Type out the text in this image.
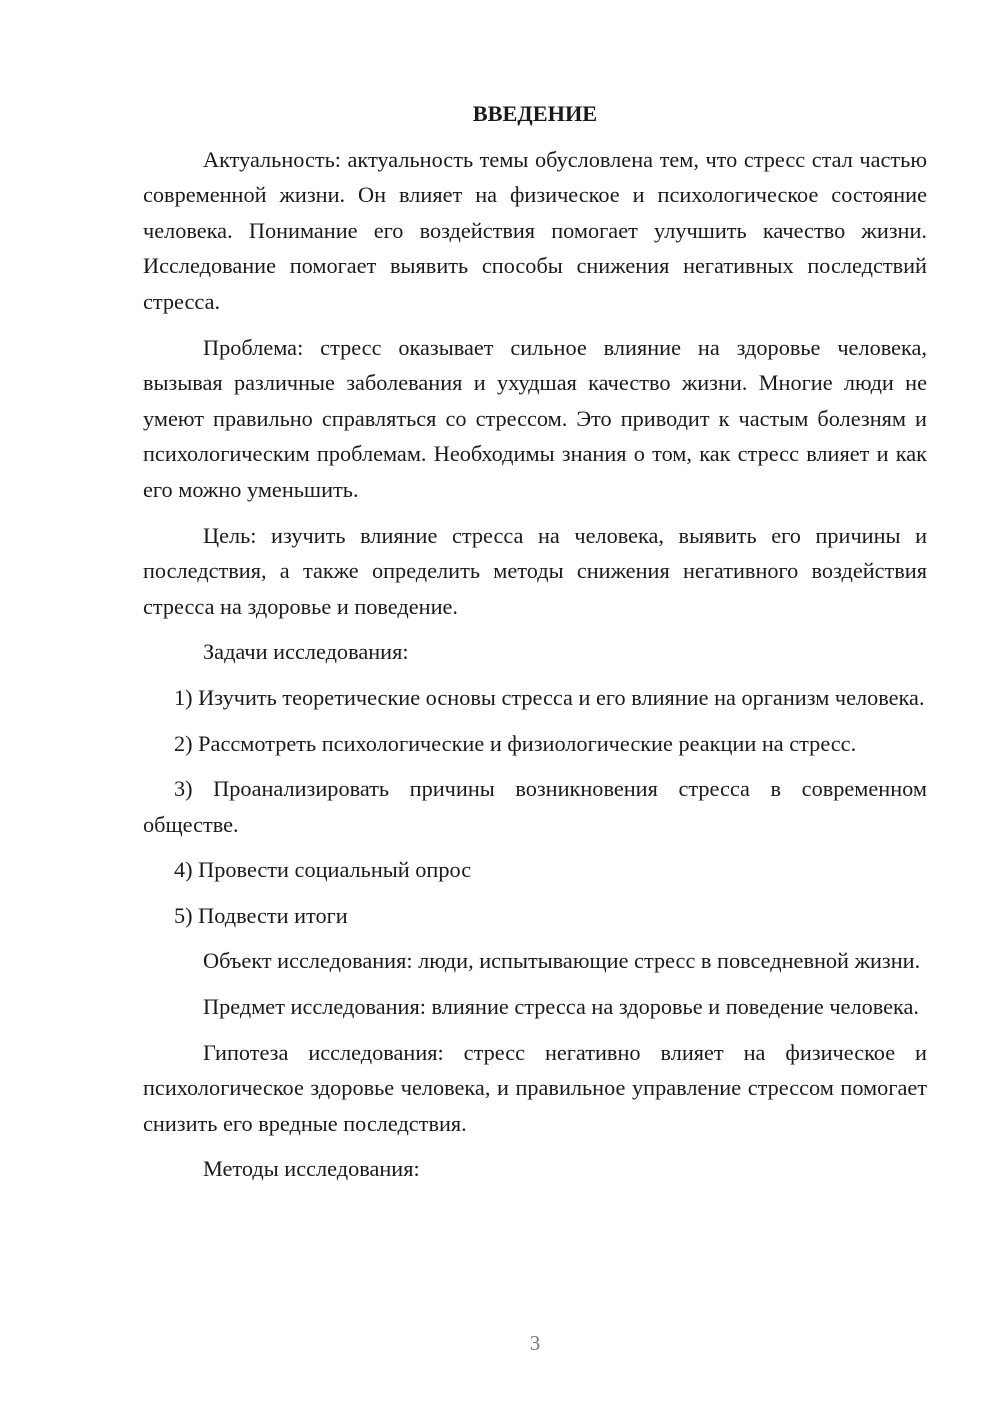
ВВЕДЕНИЕ

Актуальность: актуальность темы обусловлена тем, что стресс стал частью современной жизни. Он влияет на физическое и психологическое состояние человека. Понимание его воздействия помогает улучшить качество жизни. Исследование помогает выявить способы снижения негативных последствий стресса.

Проблема: стресс оказывает сильное влияние на здоровье человека, вызывая различные заболевания и ухудшая качество жизни. Многие люди не умеют правильно справляться со стрессом. Это приводит к частым болезням и психологическим проблемам. Необходимы знания о том, как стресс влияет и как его можно уменьшить.

Цель: изучить влияние стресса на человека, выявить его причины и последствия, а также определить методы снижения негативного воздействия стресса на здоровье и поведение.

Задачи исследования:

1) Изучить теоретические основы стресса и его влияние на организм человека.

2) Рассмотреть психологические и физиологические реакции на стресс.

3) Проанализировать причины возникновения стресса в современном обществе.

4) Провести социальный опрос

5) Подвести итоги

Объект исследования: люди, испытывающие стресс в повседневной жизни.

Предмет исследования: влияние стресса на здоровье и поведение человека.

Гипотеза исследования: стресс негативно влияет на физическое и психологическое здоровье человека, и правильное управление стрессом помогает снизить его вредные последствия.

Методы исследования:

3
